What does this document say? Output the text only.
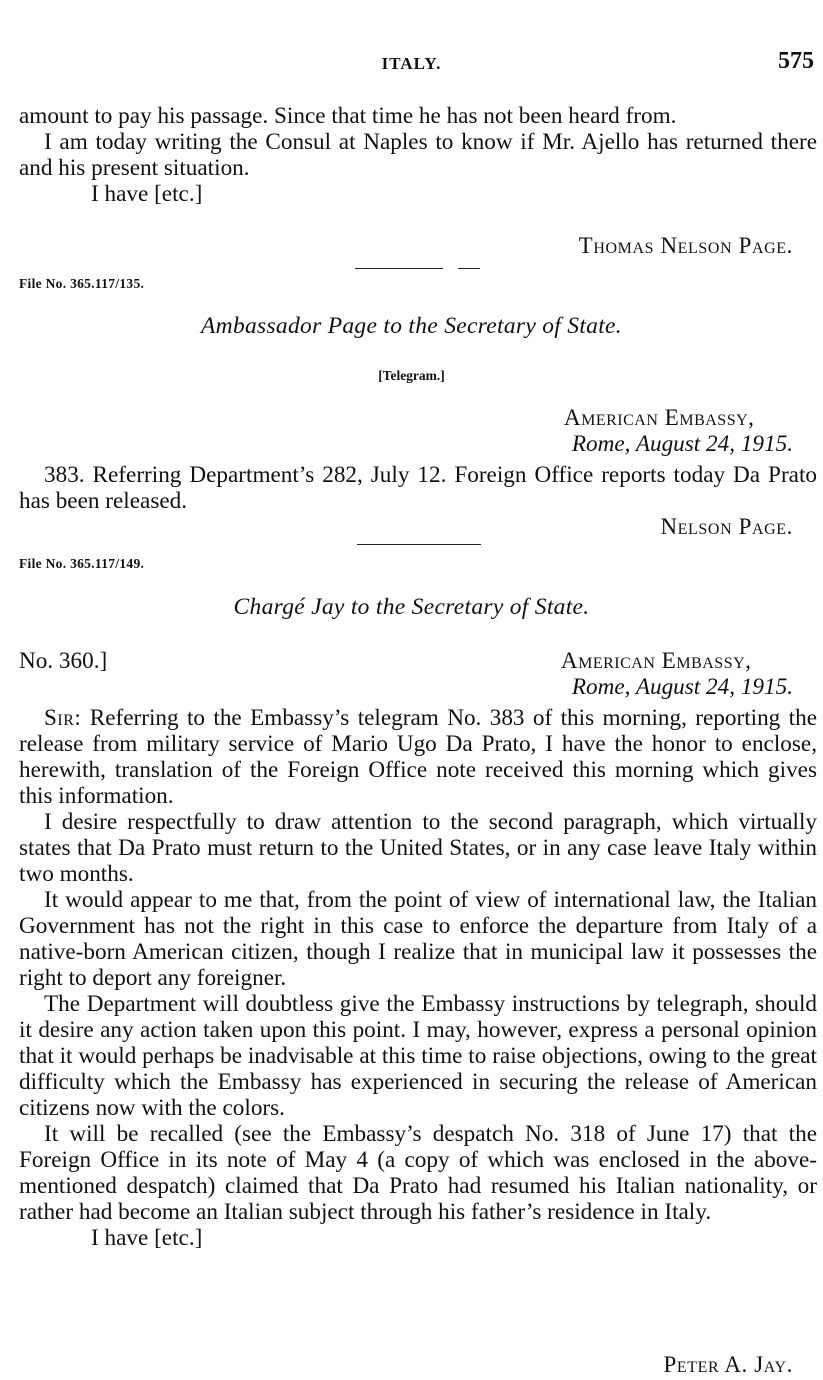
ITALY.	575

amount to pay his passage. Since that time he has not been heard from.

I am today writing the Consul at Naples to know if Mr. Ajello has returned there and his present situation.

I have [etc.]

Thomas Nelson Page.
File No. 365.117/135.
Ambassador Page to the Secretary of State.
[Telegram.]
American Embassy,
Rome, August 24, 1915.

383. Referring Department’s 282, July 12. Foreign Office reports today Da Prato has been released.

Nelson Page.
File No. 365.117/149.
Chargé Jay to the Secretary of State.
No. 360.]	American Embassy,
Rome, August 24, 1915.

Sir: Referring to the Embassy’s telegram No. 383 of this morning, reporting the release from military service of Mario Ugo Da Prato, I have the honor to enclose, herewith, translation of the Foreign Office note received this morning which gives this information.

I desire respectfully to draw attention to the second paragraph, which virtually states that Da Prato must return to the United States, or in any case leave Italy within two months.

It would appear to me that, from the point of view of international law, the Italian Government has not the right in this case to enforce the departure from Italy of a native-born American citizen, though I realize that in municipal law it possesses the right to deport any foreigner.

The Department will doubtless give the Embassy instructions by telegraph, should it desire any action taken upon this point. I may, however, express a personal opinion that it would perhaps be inadvisable at this time to raise objections, owing to the great difficulty which the Embassy has experienced in securing the release of American citizens now with the colors.

It will be recalled (see the Embassy’s despatch No. 318 of June 17) that the Foreign Office in its note of May 4 (a copy of which was enclosed in the above-mentioned despatch) claimed that Da Prato had resumed his Italian nationality, or rather had become an Italian subject through his father’s residence in Italy.

I have [etc.]

Peter A. Jay.
